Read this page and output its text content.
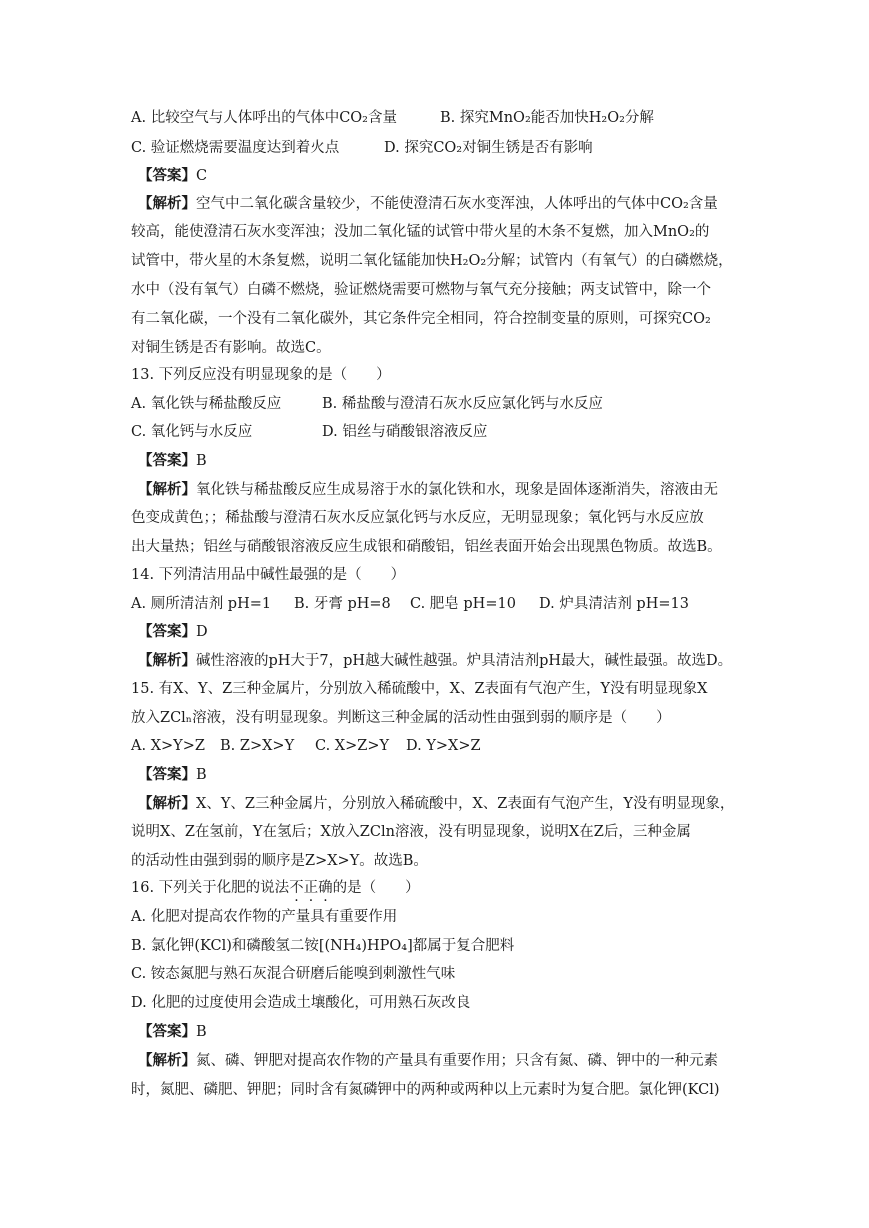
A. 比较空气与人体呼出的气体中CO₂含量	B. 探究MnO₂能否加快H₂O₂分解
C. 验证燃烧需要温度达到着火点	D. 探究CO₂对铜生锈是否有影响
【答案】C
【解析】空气中二氧化碳含量较少，不能使澄清石灰水变浑浊，人体呼出的气体中CO₂含量
较高，能使澄清石灰水变浑浊；没加二氧化锰的试管中带火星的木条不复燃，加入MnO₂的
试管中，带火星的木条复燃，说明二氧化锰能加快H₂O₂分解；试管内（有氧气）的白磷燃烧，
水中（没有氧气）白磷不燃烧，验证燃烧需要可燃物与氧气充分接触；两支试管中，除一个
有二氧化碳，一个没有二氧化碳外，其它条件完全相同，符合控制变量的原则，可探究CO₂
对铜生锈是否有影响。故选C。
13. 下列反应没有明显现象的是（　　）
A. 氧化铁与稀盐酸反应	B. 稀盐酸与澄清石灰水反应氯化钙与水反应
C. 氧化钙与水反应	D. 铝丝与硝酸银溶液反应
【答案】B
【解析】氧化铁与稀盐酸反应生成易溶于水的氯化铁和水，现象是固体逐渐消失，溶液由无
色变成黄色；；稀盐酸与澄清石灰水反应氯化钙与水反应，无明显现象；氧化钙与水反应放
出大量热；铝丝与硝酸银溶液反应生成银和硝酸铝，铝丝表面开始会出现黑色物质。故选B。
14. 下列清洁用品中碱性最强的是（　　）
A. 厕所清洁剂 pH=1 B. 牙膏 pH=8 C. 肥皂 pH=10 D. 炉具清洁剂 pH=13
【答案】D
【解析】碱性溶液的pH大于7，pH越大碱性越强。炉具清洁剂pH最大，碱性最强。故选D。
15. 有X、Y、Z三种金属片，分别放入稀硫酸中，X、Z表面有气泡产生，Y没有明显现象X
放入ZClₙ溶液，没有明显现象。判断这三种金属的活动性由强到弱的顺序是（　　）
A. X>Y>Z B. Z>X>Y C. X>Z>Y D. Y>X>Z
【答案】B
【解析】X、Y、Z三种金属片，分别放入稀硫酸中，X、Z表面有气泡产生，Y没有明显现象，
说明X、Z在氢前，Y在氢后；X放入ZCln溶液，没有明显现象，说明X在Z后，三种金属
的活动性由强到弱的顺序是Z>X>Y。故选B。
16. 下列关于化肥的说法不正确的是（　　）
A. 化肥对提高农作物的产量具有重要作用
B. 氯化钾(KCl)和磷酸氢二铵[(NH₄)HPO₄]都属于复合肥料
C. 铵态氮肥与熟石灰混合研磨后能嗅到刺激性气味
D. 化肥的过度使用会造成土壤酸化，可用熟石灰改良
【答案】B
【解析】氮、磷、钾肥对提高农作物的产量具有重要作用；只含有氮、磷、钾中的一种元素
时，氮肥、磷肥、钾肥；同时含有氮磷钾中的两种或两种以上元素时为复合肥。氯化钾(KCl)
